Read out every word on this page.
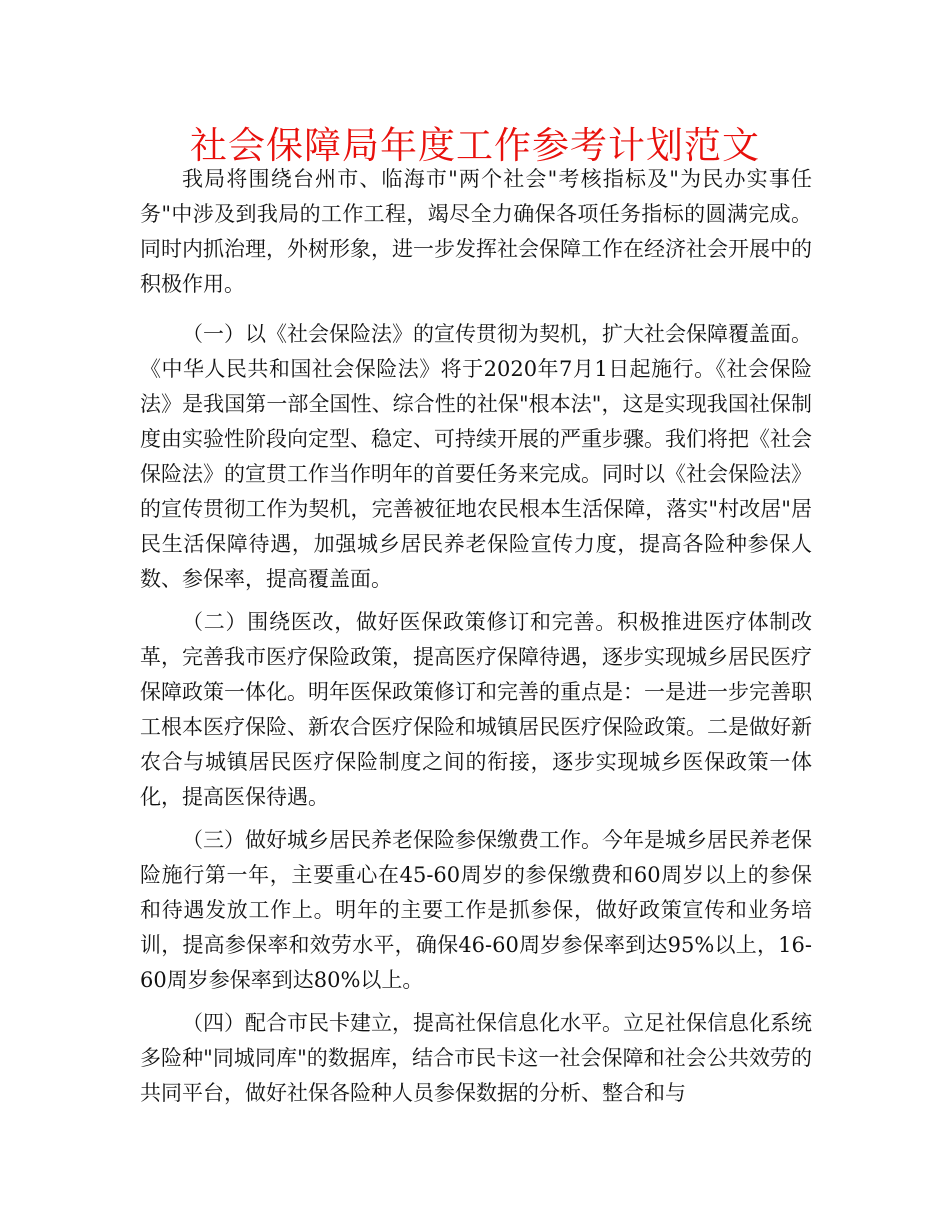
社会保障局年度工作参考计划范文

我局将围绕台州市、临海市"两个社会"考核指标及"为民办实事任务"中涉及到我局的工作工程，竭尽全力确保各项任务指标的圆满完成。同时内抓治理，外树形象，进一步发挥社会保障工作在经济社会开展中的积极作用。

（一）以《社会保险法》的宣传贯彻为契机，扩大社会保障覆盖面。《中华人民共和国社会保险法》将于2020年7月1日起施行。《社会保险法》是我国第一部全国性、综合性的社保"根本法"，这是实现我国社保制度由实验性阶段向定型、稳定、可持续开展的严重步骤。我们将把《社会保险法》的宣贯工作当作明年的首要任务来完成。同时以《社会保险法》的宣传贯彻工作为契机，完善被征地农民根本生活保障，落实"村改居"居民生活保障待遇，加强城乡居民养老保险宣传力度，提高各险种参保人数、参保率，提高覆盖面。

（二）围绕医改，做好医保政策修订和完善。积极推进医疗体制改革，完善我市医疗保险政策，提高医疗保障待遇，逐步实现城乡居民医疗保障政策一体化。明年医保政策修订和完善的重点是：一是进一步完善职工根本医疗保险、新农合医疗保险和城镇居民医疗保险政策。二是做好新农合与城镇居民医疗保险制度之间的衔接，逐步实现城乡医保政策一体化，提高医保待遇。

（三）做好城乡居民养老保险参保缴费工作。今年是城乡居民养老保险施行第一年，主要重心在45-60周岁的参保缴费和60周岁以上的参保和待遇发放工作上。明年的主要工作是抓参保，做好政策宣传和业务培训，提高参保率和效劳水平，确保46-60周岁参保率到达95%以上，16-60周岁参保率到达80%以上。

（四）配合市民卡建立，提高社保信息化水平。立足社保信息化系统多险种"同城同库"的数据库，结合市民卡这一社会保障和社会公共效劳的共同平台，做好社保各险种人员参保数据的分析、整合和与
